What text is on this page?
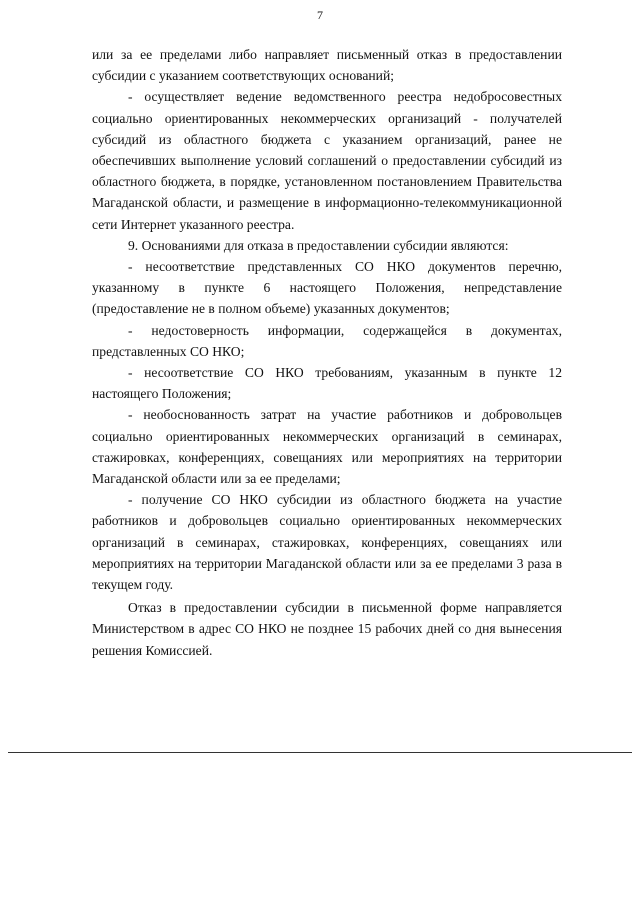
7

или за ее пределами либо направляет письменный отказ в предоставлении субсидии с указанием соответствующих оснований;

- осуществляет ведение ведомственного реестра недобросовестных социально ориентированных некоммерческих организаций - получателей субсидий из областного бюджета с указанием организаций, ранее не обеспечивших выполнение условий соглашений о предоставлении субсидий из областного бюджета, в порядке, установленном постановлением Правительства Магаданской области, и размещение в информационно-телекоммуникационной сети Интернет указанного реестра.

9. Основаниями для отказа в предоставлении субсидии являются:

- несоответствие представленных СО НКО документов перечню, указанному в пункте 6 настоящего Положения, непредставление (предоставление не в полном объеме) указанных документов;

- недостоверность информации, содержащейся в документах, представленных СО НКО;

- несоответствие СО НКО требованиям, указанным в пункте 12 настоящего Положения;

- необоснованность затрат на участие работников и добровольцев социально ориентированных некоммерческих организаций в семинарах, стажировках, конференциях, совещаниях или мероприятиях на территории Магаданской области или за ее пределами;

- получение СО НКО субсидии из областного бюджета на участие работников и добровольцев социально ориентированных некоммерческих организаций в семинарах, стажировках, конференциях, совещаниях или мероприятиях на территории Магаданской области или за ее пределами 3 раза в текущем году.

Отказ в предоставлении субсидии в письменной форме направляется Министерством в адрес СО НКО не позднее 15 рабочих дней со дня вынесения решения Комиссией.
